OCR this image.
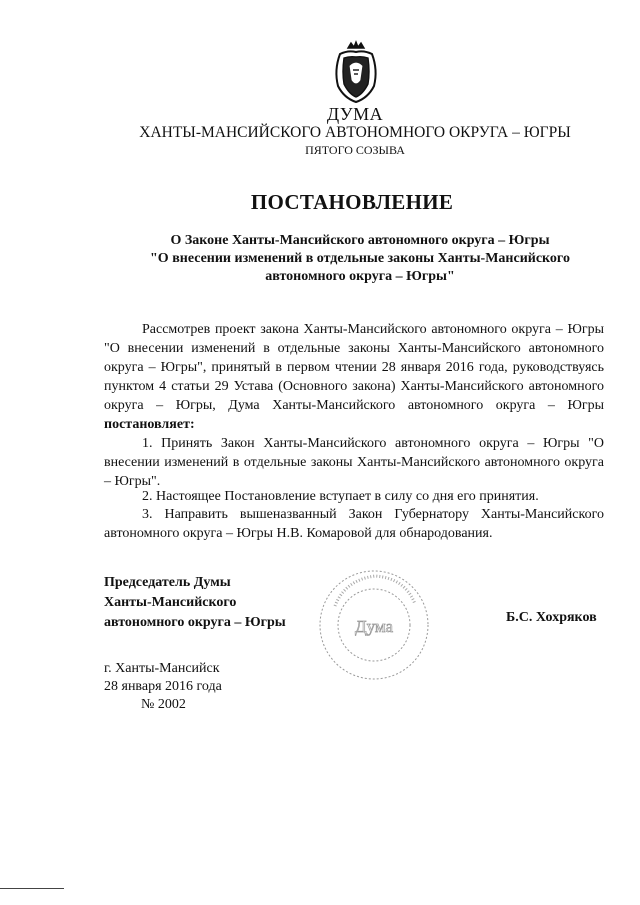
ДУМА
ХАНТЫ-МАНСИЙСКОГО АВТОНОМНОГО ОКРУГА – ЮГРЫ
ПЯТОГО СОЗЫВА
ПОСТАНОВЛЕНИЕ
О Законе Ханты-Мансийского автономного округа – Югры
"О внесении изменений в отдельные законы Ханты-Мансийского
автономного округа – Югры"
Рассмотрев проект закона Ханты-Мансийского автономного округа – Югры "О внесении изменений в отдельные законы Ханты-Мансийского автономного округа – Югры", принятый в первом чтении 28 января 2016 года, руководствуясь пунктом 4 статьи 29 Устава (Основного закона) Ханты-Мансийского автономного округа – Югры, Дума Ханты-Мансийского автономного округа – Югры постановляет:
1. Принять Закон Ханты-Мансийского автономного округа – Югры "О внесении изменений в отдельные законы Ханты-Мансийского автономного округа – Югры".
2. Настоящее Постановление вступает в силу со дня его принятия.
3. Направить вышеназванный Закон Губернатору Ханты-Мансийского автономного округа – Югры Н.В. Комаровой для обнародования.
Председатель Думы
Ханты-Мансийского
автономного округа – Югры	Дума	Б.С. Хохряков
г. Ханты-Мансийск
28 января 2016 года
№ 2002
